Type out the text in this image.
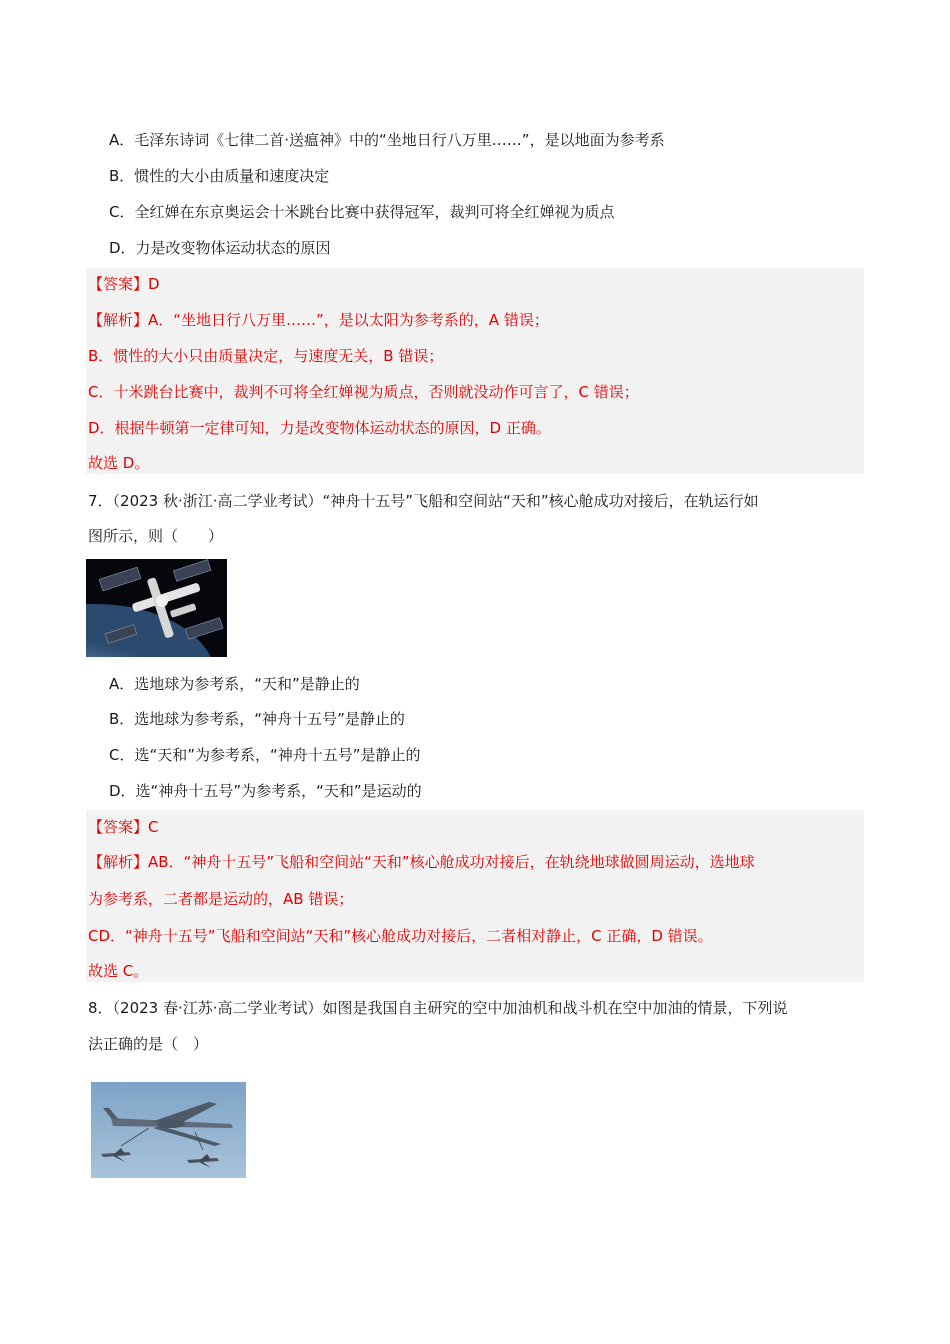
A．毛泽东诗词《七律二首·送瘟神》中的“坐地日行八万里……”，是以地面为参考系
B．惯性的大小由质量和速度决定
C．全红婵在东京奥运会十米跳台比赛中获得冠军，裁判可将全红婵视为质点
D．力是改变物体运动状态的原因
【答案】D
【解析】A．“坐地日行八万里……”，是以太阳为参考系的，A 错误；
B．惯性的大小只由质量决定，与速度无关，B 错误；
C．十米跳台比赛中，裁判不可将全红婵视为质点，否则就没动作可言了，C 错误；
D．根据牛顿第一定律可知，力是改变物体运动状态的原因，D 正确。
故选 D。
7．（2023 秋·浙江·高二学业考试）“神舟十五号”飞船和空间站“天和”核心舱成功对接后，在轨运行如
图所示，则（　　）
A．选地球为参考系，“天和”是静止的
B．选地球为参考系，“神舟十五号”是静止的
C．选“天和”为参考系，“神舟十五号”是静止的
D．选“神舟十五号”为参考系，“天和”是运动的
【答案】C
【解析】AB．“神舟十五号”飞船和空间站“天和”核心舱成功对接后，在轨绕地球做圆周运动，选地球
为参考系，二者都是运动的，AB 错误；
CD．“神舟十五号”飞船和空间站“天和”核心舱成功对接后，二者相对静止，C 正确，D 错误。
故选 C。
8．（2023 春·江苏·高二学业考试）如图是我国自主研究的空中加油机和战斗机在空中加油的情景，下列说
法正确的是（　）
